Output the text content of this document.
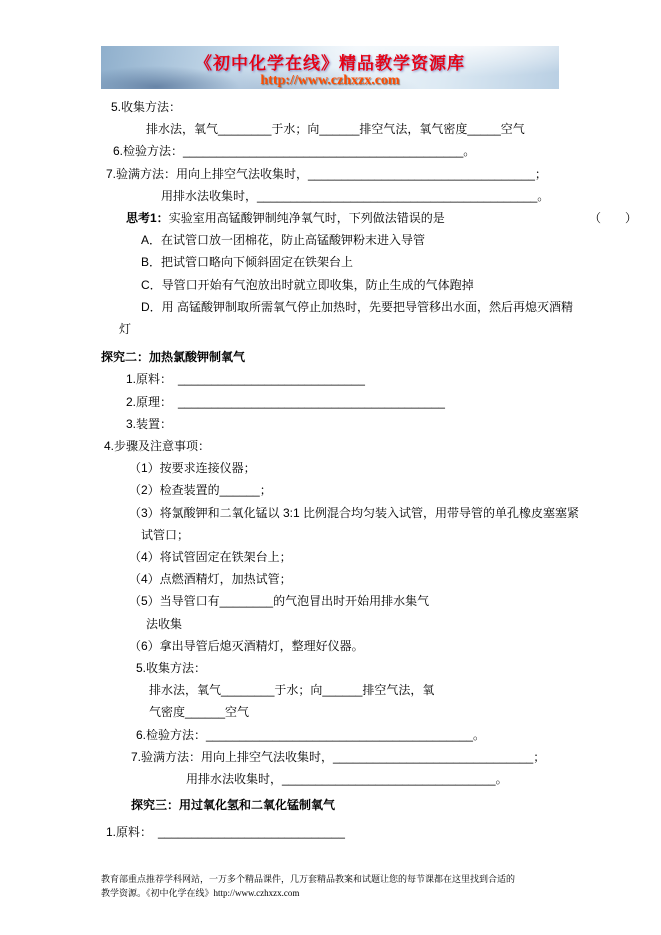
《初中化学在线》精品教学资源库
http://www.czhxzx.com
5.收集方法：
排水法，氧气________于水；向______排空气法，氧气密度_____空气
6.检验方法：__________________________________________。
7.验满方法：用向上排空气法收集时，__________________________________；
用排水法收集时，__________________________________________。
思考1： 实验室用高锰酸钾制纯净氧气时，下列做法错误的是	（　　）
A．在试管口放一团棉花，防止高锰酸钾粉末进入导管
B．把试管口略向下倾斜固定在铁架台上
C．导管口开始有气泡放出时就立即收集，防止生成的气体跑掉
D．用 高锰酸钾制取所需氧气停止加热时，先要把导管移出水面，然后再熄灭酒精
灯
探究二：加热氯酸钾制氧气
1.原料：　____________________________
2.原理：　________________________________________
3.装置：
4.步骤及注意事项：
（1）按要求连接仪器；
（2）检查装置的______；
（3）将氯酸钾和二氧化锰以 3:1 比例混合均匀装入试管，用带导管的单孔橡皮塞塞紧
试管口；
（4）将试管固定在铁架台上；
（4）点燃酒精灯，加热试管；
（5）当导管口有________的气泡冒出时开始用排水集气
法收集
（6）拿出导管后熄灭酒精灯，整理好仪器。
5.收集方法：
排水法，氧气________于水；向______排空气法，氧
气密度______空气
6.检验方法：________________________________________。
7.验满方法：用向上排空气法收集时，______________________________；
用排水法收集时，________________________________。
探究三：用过氧化氢和二氧化锰制氧气
1.原料：　____________________________
教育部重点推荐学科网站，一万多个精品课件，几万套精品教案和试题让您的每节课都在这里找到合适的
教学资源。《初中化学在线》http://www.czhxzx.com
